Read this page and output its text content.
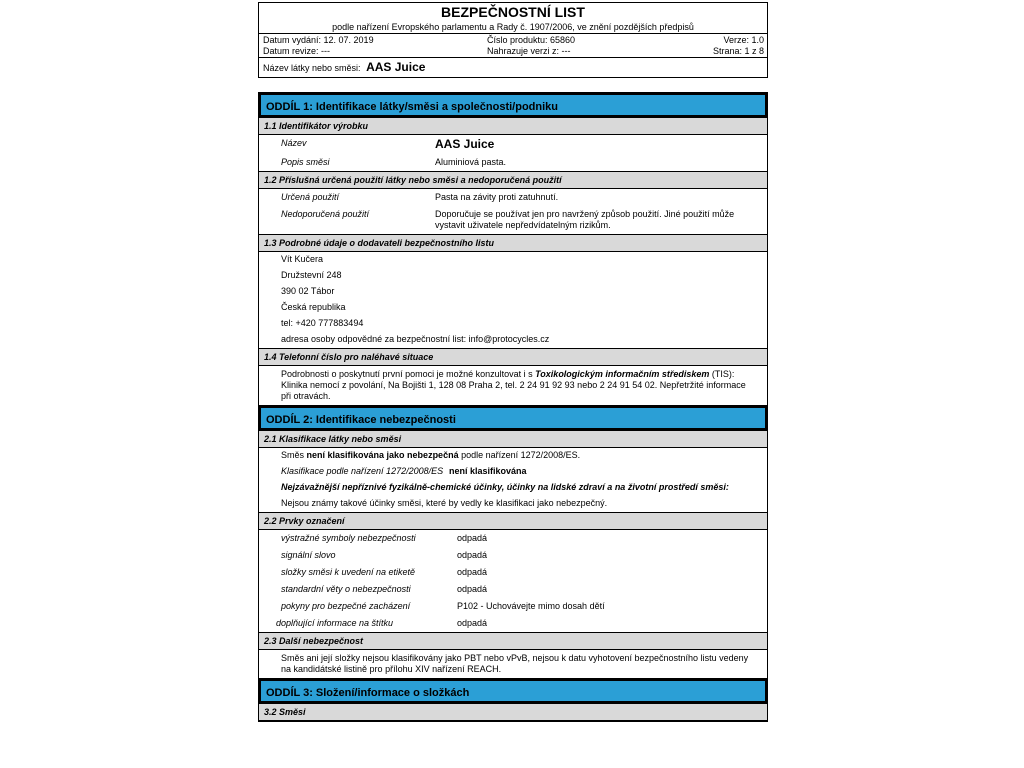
BEZPEČNOSTNÍ LIST
podle nařízení Evropského parlamentu a Rady č. 1907/2006, ve znění pozdějších předpisů
Datum vydání: 12. 07. 2019	Číslo produktu: 65860	Verze: 1.0
Datum revize: ---	Nahrazuje verzi z: ---	Strana: 1 z 8
Název látky nebo směsi: AAS Juice
ODDÍL 1: Identifikace látky/směsi a společnosti/podniku
1.1 Identifikátor výrobku
Název	AAS Juice
Popis směsi	Aluminiová pasta.
1.2 Příslušná určená použití látky nebo směsi a nedoporučená použití
Určená použití	Pasta na závity proti zatuhnutí.
Nedoporučená použití	Doporučuje se používat jen pro navržený způsob použití. Jiné použití může vystavit uživatele nepředvídatelným rizikům.
1.3 Podrobné údaje o dodavateli bezpečnostního listu
Vít Kučera
Družstevní 248
390 02 Tábor
Česká republika
tel: +420 777883494
adresa osoby odpovědné za bezpečnostní list: info@protocycles.cz
1.4 Telefonní číslo pro naléhavé situace
Podrobnosti o poskytnutí první pomoci je možné konzultovat i s Toxikologickým informačním střediskem (TIS): Klinika nemocí z povolání, Na Bojišti 1, 128 08 Praha 2, tel. 2 24 91 92 93 nebo 2 24 91 54 02. Nepřetržité informace při otravách.
ODDÍL 2: Identifikace nebezpečnosti
2.1 Klasifikace látky nebo směsi
Směs není klasifikována jako nebezpečná podle nařízení 1272/2008/ES.
Klasifikace podle nařízení 1272/2008/ES není klasifikována
Nejzávažnější nepříznivé fyzikálně-chemické účinky, účinky na lidské zdraví a na životní prostředí směsi:
Nejsou známy takové účinky směsi, které by vedly ke klasifikaci jako nebezpečný.
2.2 Prvky označení
výstražné symboly nebezpečnosti	odpadá
signální slovo	odpadá
složky směsi k uvedení na etiketě	odpadá
standardní věty o nebezpečnosti	odpadá
pokyny pro bezpečné zacházení	P102 - Uchovávejte mimo dosah dětí
doplňující informace na štítku	odpadá
2.3 Další nebezpečnost
Směs ani její složky nejsou klasifikovány jako PBT nebo vPvB, nejsou k datu vyhotovení bezpečnostního listu vedeny na kandidátské listině pro přílohu XIV nařízení REACH.
ODDÍL 3: Složení/informace o složkách
3.2 Směsi
